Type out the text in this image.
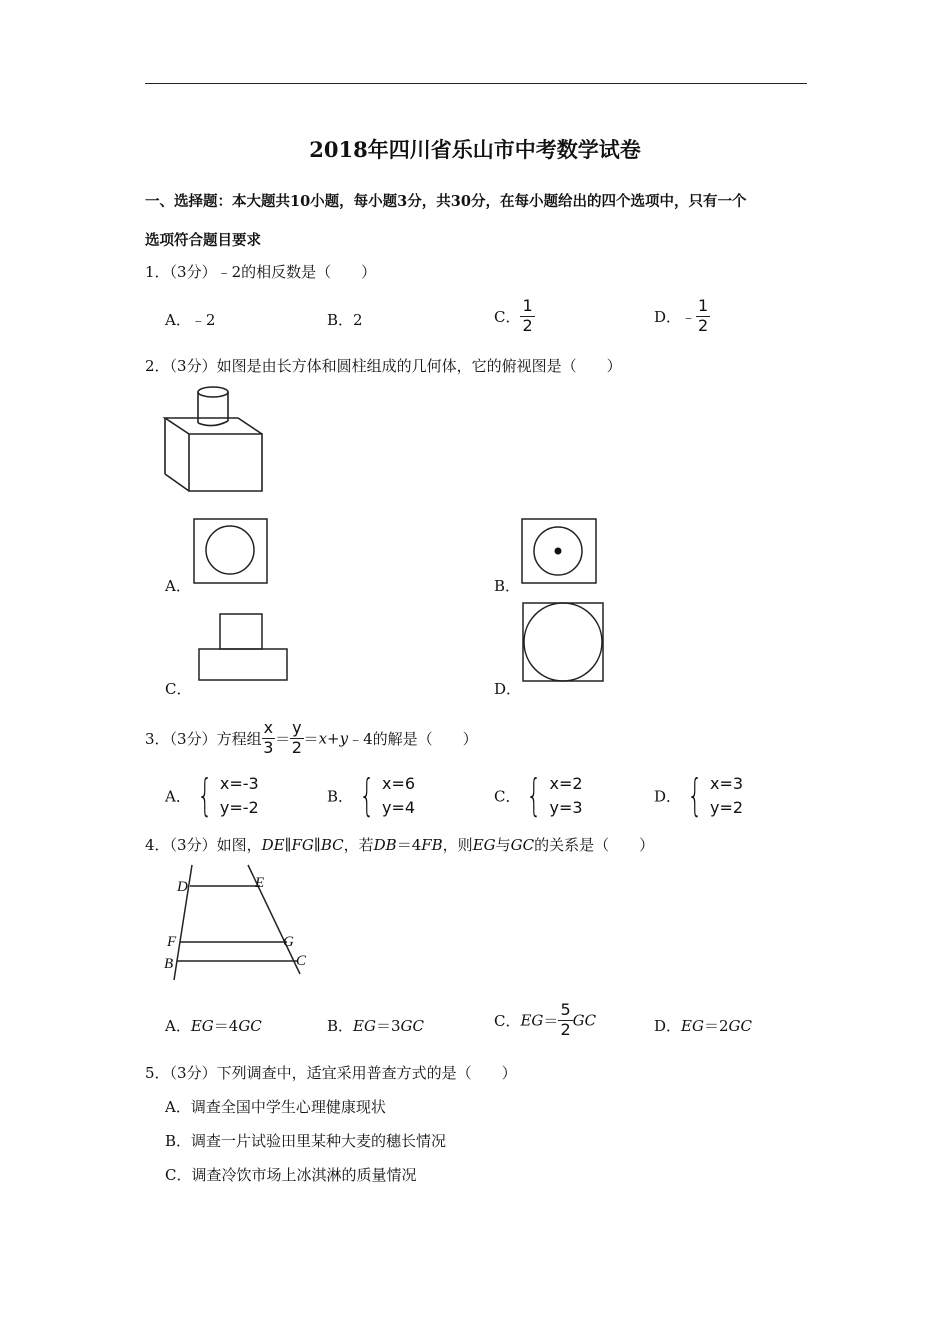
2018年四川省乐山市中考数学试卷
一、选择题：本大题共10小题，每小题3分，共30分，在每小题给出的四个选项中，只有一个
选项符合题目要求
1．（3分）﹣2的相反数是（　　）
A．﹣2	B．2	C． $\frac{1}{2}$	D．﹣ $\frac{1}{2}$
2．（3分）如图是由长方体和圆柱组成的几何体，它的俯视图是（　　）
A．	B．
C．	D．
3．（3分）方程组 $\frac{x}{3} = \frac{y}{2}$ ＝x+y﹣4的解是（　　）
A． { x=-3
y=-2
B． { x=6
y=4
C． { x=2
y=3
D． { x=3
y=2
4．（3分）如图，DE∥FG∥BC，若DB＝4FB，则EG与GC的关系是（　　）
D	E
F	G
B	C
A．EG＝4GC	B．EG＝3GC	C．$EG= \frac{5}{2}$ GC	D．EG＝2GC
5．（3分）下列调查中，适宜采用普查方式的是（　　）
A．调查全国中学生心理健康现状
B．调查一片试验田里某种大麦的穗长情况
C．调查冷饮市场上冰淇淋的质量情况
